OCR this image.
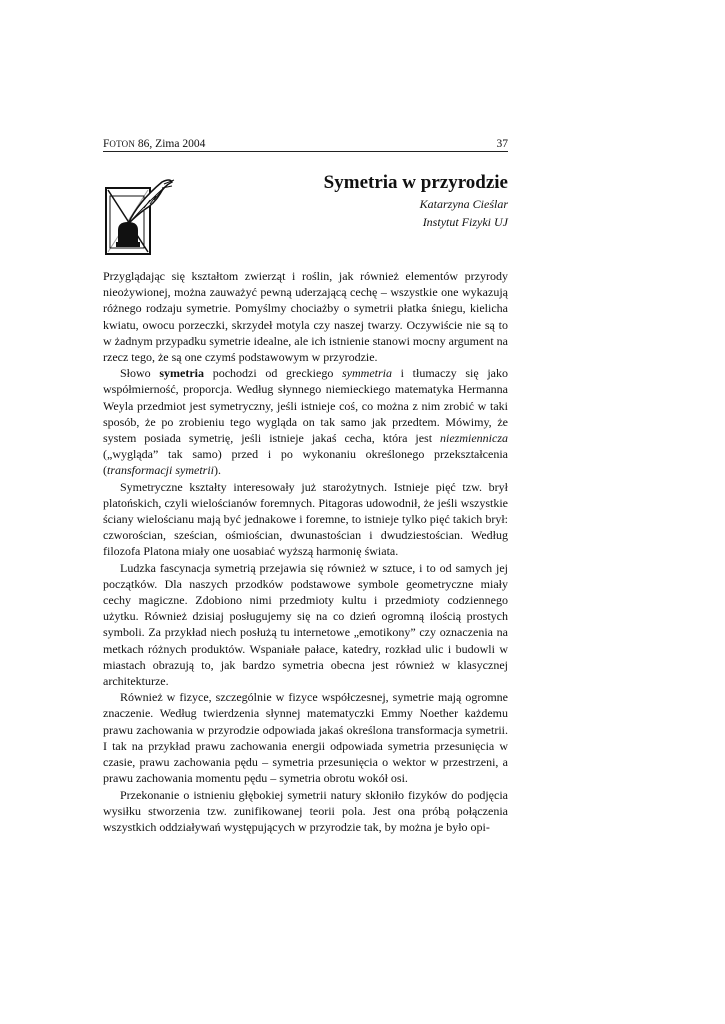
FOTON 86, Zima 2004	37
Symetria w przyrodzie
Katarzyna Cieślar
Instytut Fizyki UJ

Przyglądając się kształtom zwierząt i roślin, jak również elementów przyrody nieożywionej, można zauważyć pewną uderzającą cechę – wszystkie one wykazują różnego rodzaju symetrie. Pomyślmy chociażby o symetrii płatka śniegu, kielicha kwiatu, owocu porzeczki, skrzydeł motyla czy naszej twarzy. Oczywiście nie są to w żadnym przypadku symetrie idealne, ale ich istnienie stanowi mocny argument na rzecz tego, że są one czymś podstawowym w przyrodzie.

Słowo symetria pochodzi od greckiego symmetria i tłumaczy się jako współmierność, proporcja. Według słynnego niemieckiego matematyka Hermanna Weyla przedmiot jest symetryczny, jeśli istnieje coś, co można z nim zrobić w taki sposób, że po zrobieniu tego wygląda on tak samo jak przedtem. Mówimy, że system posiada symetrię, jeśli istnieje jakaś cecha, która jest niezmiennicza („wygląda” tak samo) przed i po wykonaniu określonego przekształcenia (transformacji symetrii).

Symetryczne kształty interesowały już starożytnych. Istnieje pięć tzw. brył platońskich, czyli wielościanów foremnych. Pitagoras udowodnił, że jeśli wszystkie ściany wielościanu mają być jednakowe i foremne, to istnieje tylko pięć takich brył: czworościan, sześcian, ośmiościan, dwunastościan i dwudziestościan. Według filozofa Platona miały one uosabiać wyższą harmonię świata.

Ludzka fascynacja symetrią przejawia się również w sztuce, i to od samych jej początków. Dla naszych przodków podstawowe symbole geometryczne miały cechy magiczne. Zdobiono nimi przedmioty kultu i przedmioty codziennego użytku. Również dzisiaj posługujemy się na co dzień ogromną ilością prostych symboli. Za przykład niech posłużą tu internetowe „emotikony” czy oznaczenia na metkach różnych produktów. Wspaniałe pałace, katedry, rozkład ulic i budowli w miastach obrazują to, jak bardzo symetria obecna jest również w klasycznej architekturze.

Również w fizyce, szczególnie w fizyce współczesnej, symetrie mają ogromne znaczenie. Według twierdzenia słynnej matematyczki Emmy Noether każdemu prawu zachowania w przyrodzie odpowiada jakaś określona transformacja symetrii. I tak na przykład prawu zachowania energii odpowiada symetria przesunięcia w czasie, prawu zachowania pędu – symetria przesunięcia o wektor w przestrzeni, a prawu zachowania momentu pędu – symetria obrotu wokół osi.

Przekonanie o istnieniu głębokiej symetrii natury skłoniło fizyków do podjęcia wysiłku stworzenia tzw. zunifikowanej teorii pola. Jest ona próbą połączenia wszystkich oddziaływań występujących w przyrodzie tak, by można je było opi-
